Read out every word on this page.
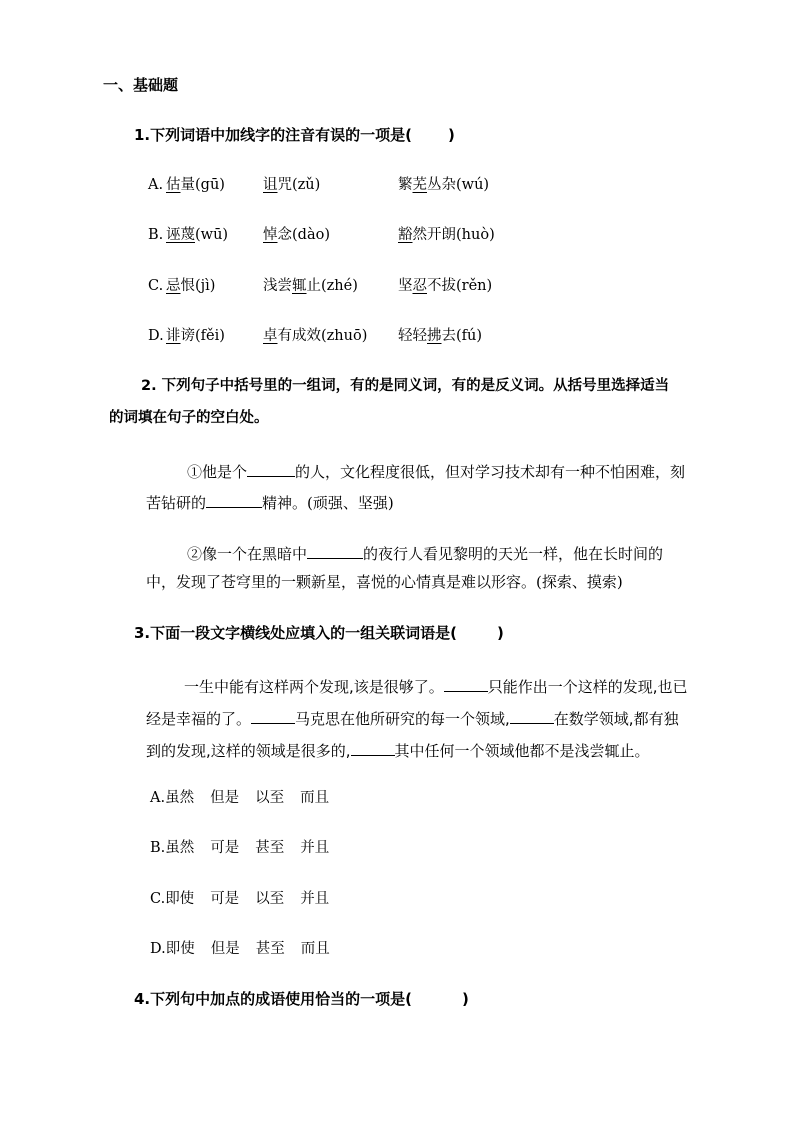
一、基础题
1.下列词语中加线字的注音有误的一项是( )
A. 估量(gū)	诅咒(zǔ)	繁芜丛杂(wú)
B. 诬蔑(wū) 悼念(dào)	豁然开朗(huò)
C. 忌恨(jì)	浅尝辄止(zhé)	坚忍不拔(rěn)
D. 诽谤(fěi)	卓有成效(zhuō) 轻轻拂去(fú)
2. 下列句子中括号里的一组词，有的是同义词，有的是反义词。从括号里选择适当
的词填在句子的空白处。
①他是个	的人，文化程度很低，但对学习技术却有一种不怕困难，刻
苦钻研的	精神。(顽强、坚强)
②像一个在黑暗中	的夜行人看见黎明的天光一样，他在长时间的
中，发现了苍穹里的一颗新星，喜悦的心情真是难以形容。(探索、摸索)
3.下面一段文字横线处应填入的一组关联词语是(	)
一生中能有这样两个发现,该是很够了。	只能作出一个这样的发现,也已
经是幸福的了。	马克思在他所研究的每一个领域,	在数学领域,都有独
到的发现,这样的领域是很多的,	其中任何一个领域他都不是浅尝辄止。
A.虽然 但是 以至 而且
B.虽然 可是 甚至 并且
C.即使 可是 以至 并且
D.即使 但是 甚至 而且
4.下列句中加点的成语使用恰当的一项是(	)
